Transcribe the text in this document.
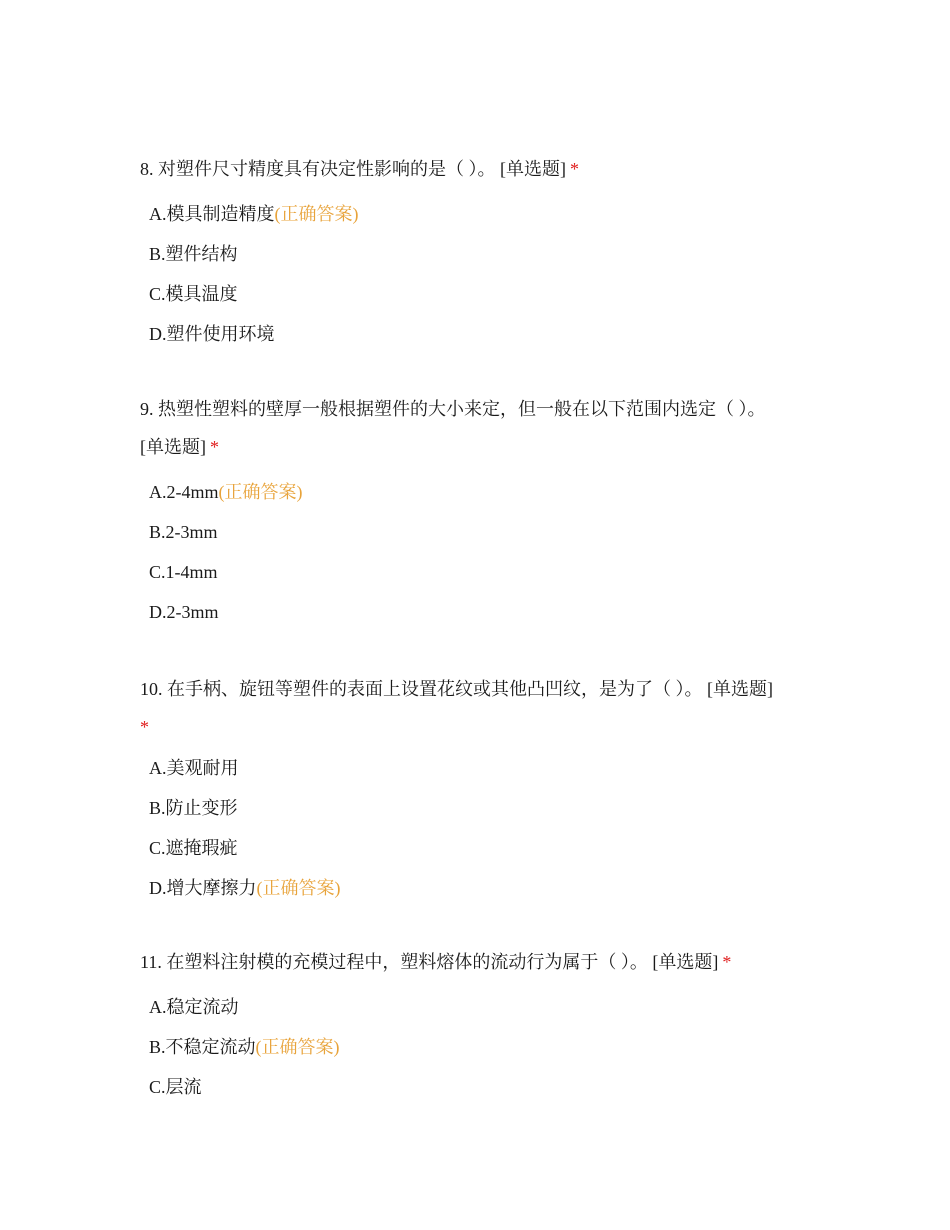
8. 对塑件尺寸精度具有决定性影响的是（ ）。 [单选题] *

A.模具制造精度(正确答案)
B.塑件结构
C.模具温度
D.塑件使用环境

9. 热塑性塑料的壁厚一般根据塑件的大小来定，但一般在以下范围内选定（ ）。
[单选题] *

A.2-4mm(正确答案)
B.2-3mm
C.1-4mm
D.2-3mm

10. 在手柄、旋钮等塑件的表面上设置花纹或其他凸凹纹，是为了（ ）。 [单选题]
*

A.美观耐用
B.防止变形
C.遮掩瑕疵
D.增大摩擦力(正确答案)

11. 在塑料注射模的充模过程中，塑料熔体的流动行为属于（ ）。 [单选题] *

A.稳定流动
B.不稳定流动(正确答案)
C.层流
